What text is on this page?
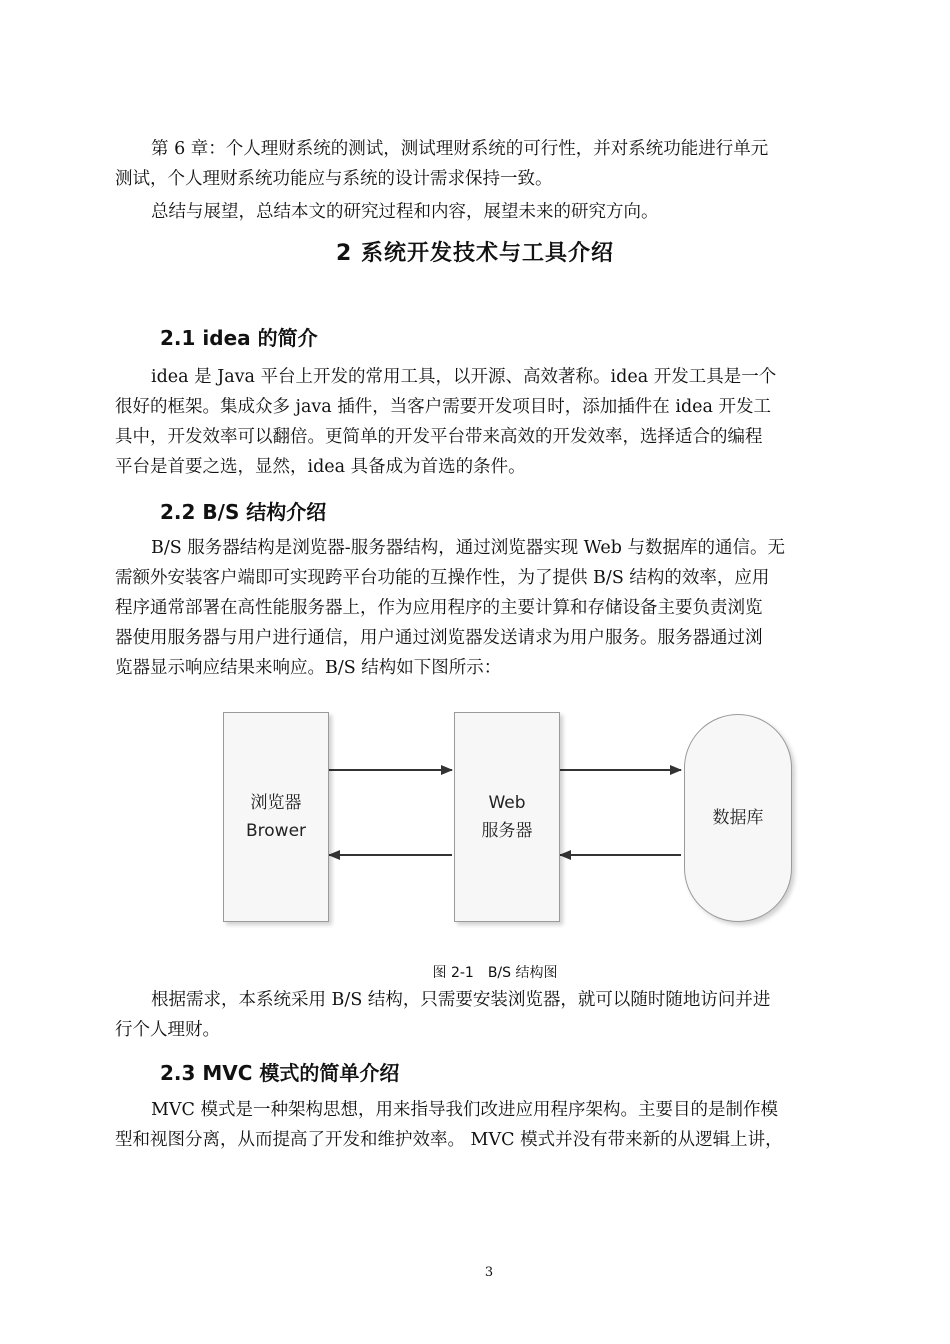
第 6 章：个人理财系统的测试，测试理财系统的可行性，并对系统功能进行单元
测试，个人理财系统功能应与系统的设计需求保持一致。

总结与展望，总结本文的研究过程和内容，展望未来的研究方向。

2 系统开发技术与工具介绍
2.1 idea 的简介

idea 是 Java 平台上开发的常用工具，以开源、高效著称。idea 开发工具是一个
很好的框架。集成众多 java 插件，当客户需要开发项目时，添加插件在 idea 开发工
具中，开发效率可以翻倍。更简单的开发平台带来高效的开发效率，选择适合的编程
平台是首要之选，显然，idea 具备成为首选的条件。

2.2 B/S 结构介绍

B/S 服务器结构是浏览器-服务器结构，通过浏览器实现 Web 与数据库的通信。无
需额外安装客户端即可实现跨平台功能的互操作性，为了提供 B/S 结构的效率，应用
程序通常部署在高性能服务器上，作为应用程序的主要计算和存储设备主要负责浏览
器使用服务器与用户进行通信，用户通过浏览器发送请求为用户服务。服务器通过浏
览器显示响应结果来响应。B/S 结构如下图所示：

浏览器
Brower
Web
服务器
数据库

图 2-1　B/S 结构图

根据需求，本系统采用 B/S 结构，只需要安装浏览器，就可以随时随地访问并进
行个人理财。

2.3 MVC 模式的简单介绍

MVC 模式是一种架构思想，用来指导我们改进应用程序架构。主要目的是制作模
型和视图分离，从而提高了开发和维护效率。 MVC 模式并没有带来新的从逻辑上讲，

3
